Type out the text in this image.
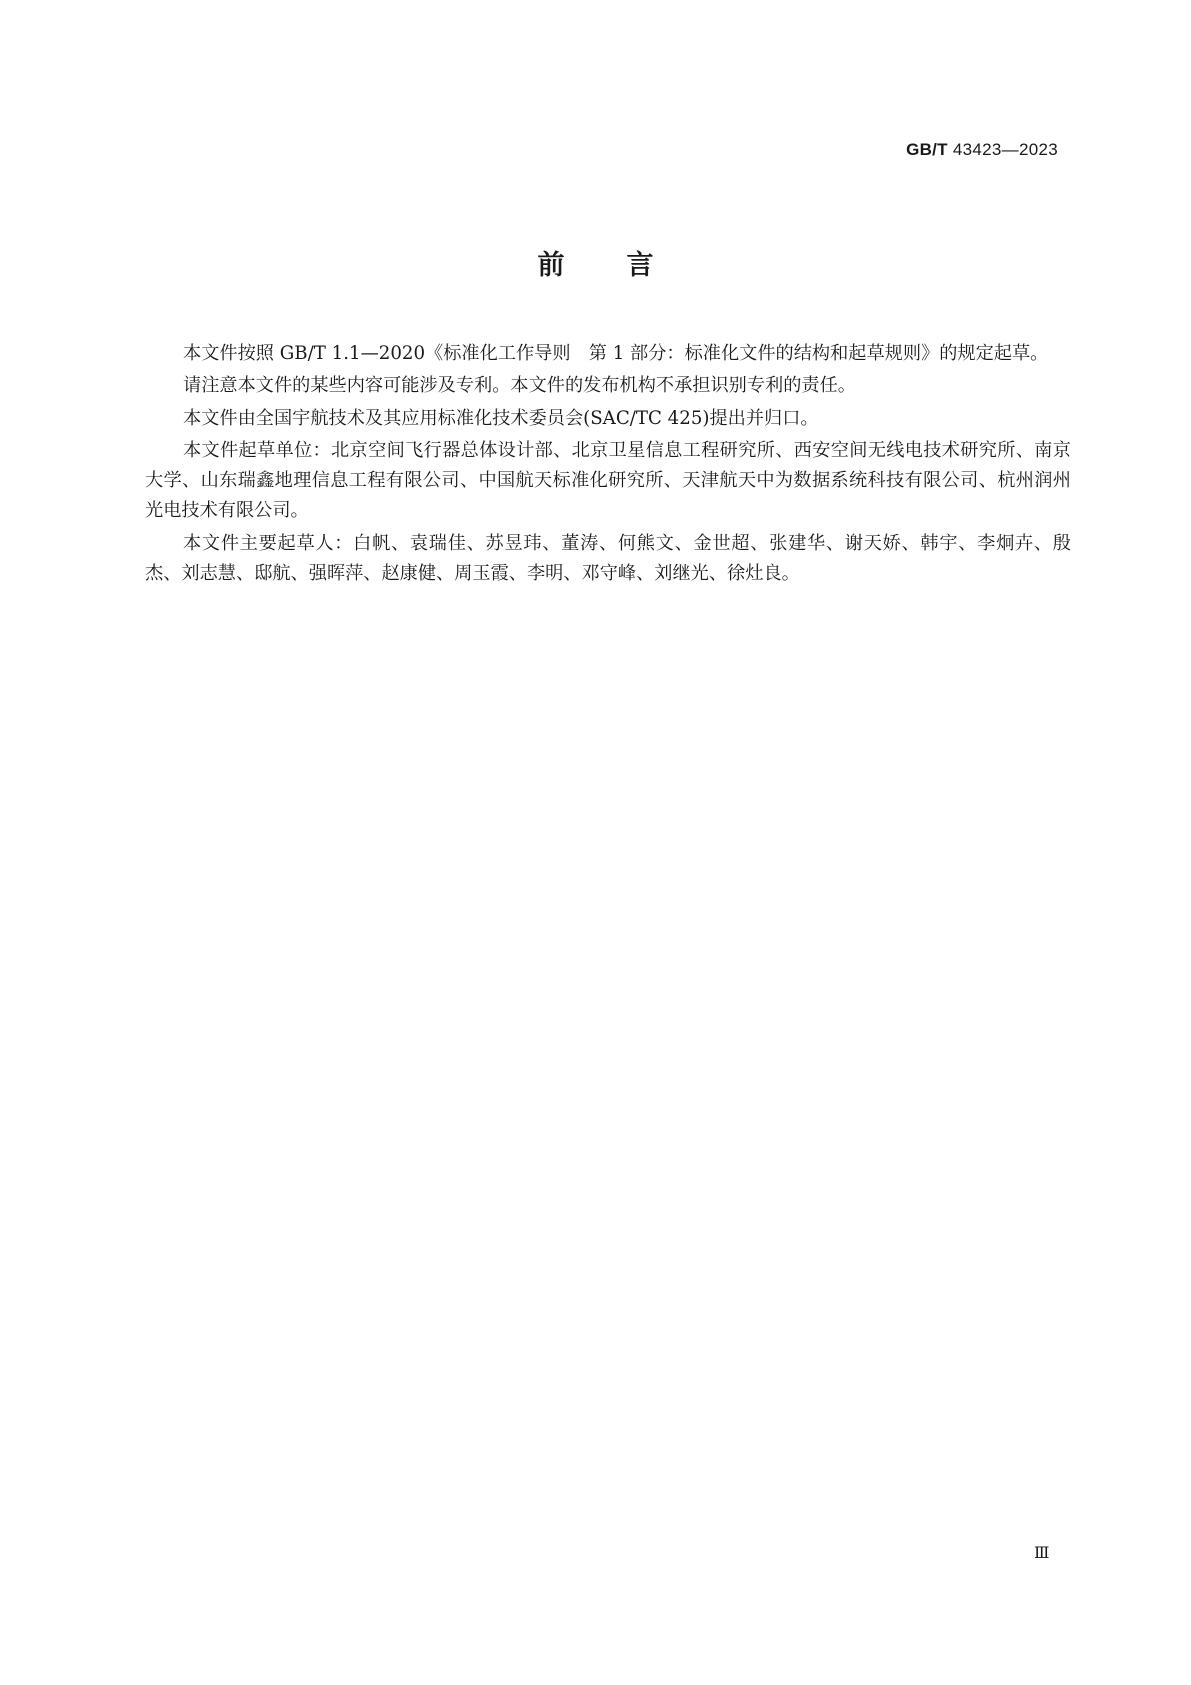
GB/T 43423—2023
前言

本文件按照 GB/T 1.1—2020《标准化工作导则　第 1 部分：标准化文件的结构和起草规则》的规定起草。

请注意本文件的某些内容可能涉及专利。本文件的发布机构不承担识别专利的责任。

本文件由全国宇航技术及其应用标准化技术委员会(SAC/TC 425)提出并归口。

本文件起草单位：北京空间飞行器总体设计部、北京卫星信息工程研究所、西安空间无线电技术研究所、南京大学、山东瑞鑫地理信息工程有限公司、中国航天标准化研究所、天津航天中为数据系统科技有限公司、杭州润州光电技术有限公司。

本文件主要起草人：白帆、袁瑞佳、苏昱玮、董涛、何熊文、金世超、张建华、谢天娇、韩宇、李炯卉、殷杰、刘志慧、邸航、强晖萍、赵康健、周玉霞、李明、邓守峰、刘继光、徐灶良。

Ⅲ
